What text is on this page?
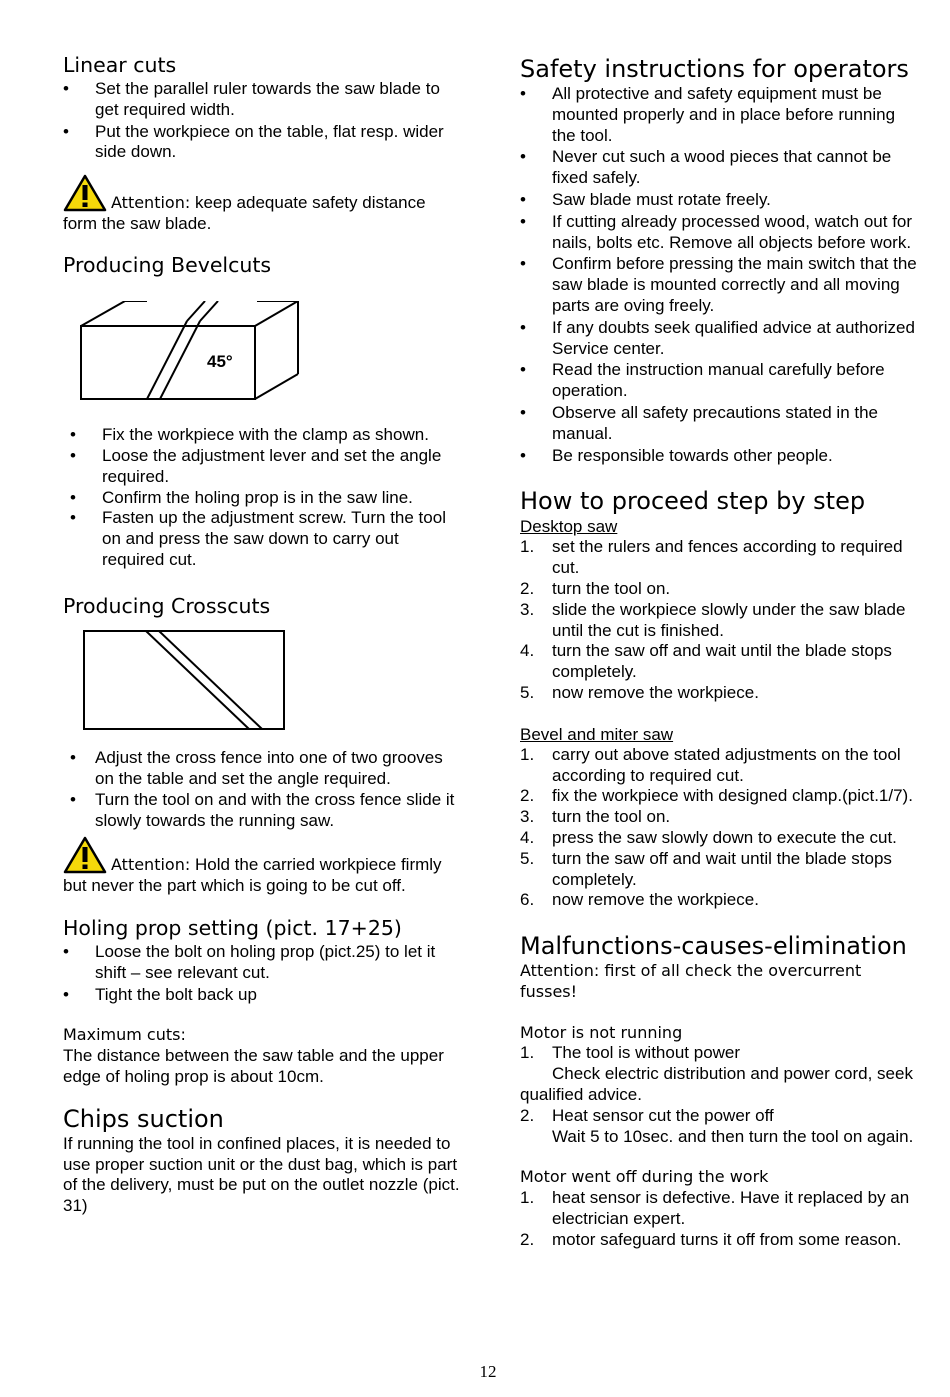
Linear cuts
• Set the parallel ruler towards the saw blade to get required width.
• Put the workpiece on the table, flat resp. wider side down.

Attention: keep adequate safety distance form the saw blade.

Producing Bevelcuts
45°
• Fix the workpiece with the clamp as shown.
• Loose the adjustment lever and set the angle required.
• Confirm the holing prop is in the saw line.
• Fasten up the adjustment screw. Turn the tool on and press the saw down to carry out required cut.
Producing Crosscuts
• Adjust the cross fence into one of two grooves on the table and set the angle required.
• Turn the tool on and with the cross fence slide it slowly towards the running saw.

Attention: Hold the carried workpiece firmly but never the part which is going to be cut off.

Holing prop setting (pict. 17+25)
• Loose the bolt on holing prop (pict.25) to let it shift – see relevant cut.
• Tight the bolt back up

Maximum cuts:

The distance between the saw table and the upper edge of holing prop is about 10cm.

Chips suction

If running the tool in confined places, it is needed to use proper suction unit or the dust bag, which is part of the delivery, must be put on the outlet nozzle (pict. 31)

Safety instructions for operators
• All protective and safety equipment must be mounted properly and in place before running the tool.
• Never cut such a wood pieces that cannot be fixed safely.
• Saw blade must rotate freely.
• If cutting already processed wood, watch out for nails, bolts etc. Remove all objects before work.
• Confirm before pressing the main switch that the saw blade is mounted correctly and all moving parts are oving freely.
• If any doubts seek qualified advice at authorized Service center.
• Read the instruction manual carefully before operation.
• Observe all safety precautions stated in the manual.
• Be responsible towards other people.
How to proceed step by step

Desktop saw

1. set the rulers and fences according to required cut.
2. turn the tool on.
3. slide the workpiece slowly under the saw blade until the cut is finished.
4. turn the saw off and wait until the blade stops completely.
5. now remove the workpiece.

Bevel and miter saw

1. carry out above stated adjustments on the tool according to required cut.
2. fix the workpiece with designed clamp.(pict.1/7).
3. turn the tool on.
4. press the saw slowly down to execute the cut.
5. turn the saw off and wait until the blade stops completely.
6. now remove the workpiece.
Malfunctions-causes-elimination

Attention: first of all check the overcurrent fusses!

Motor is not running

1. The tool is without power

Check electric distribution and power cord, seek qualified advice.

2. Heat sensor cut the power off

Wait 5 to 10sec. and then turn the tool on again.

Motor went off during the work

1. heat sensor is defective. Have it replaced by an electrician expert.
2. motor safeguard turns it off from some reason.
12
